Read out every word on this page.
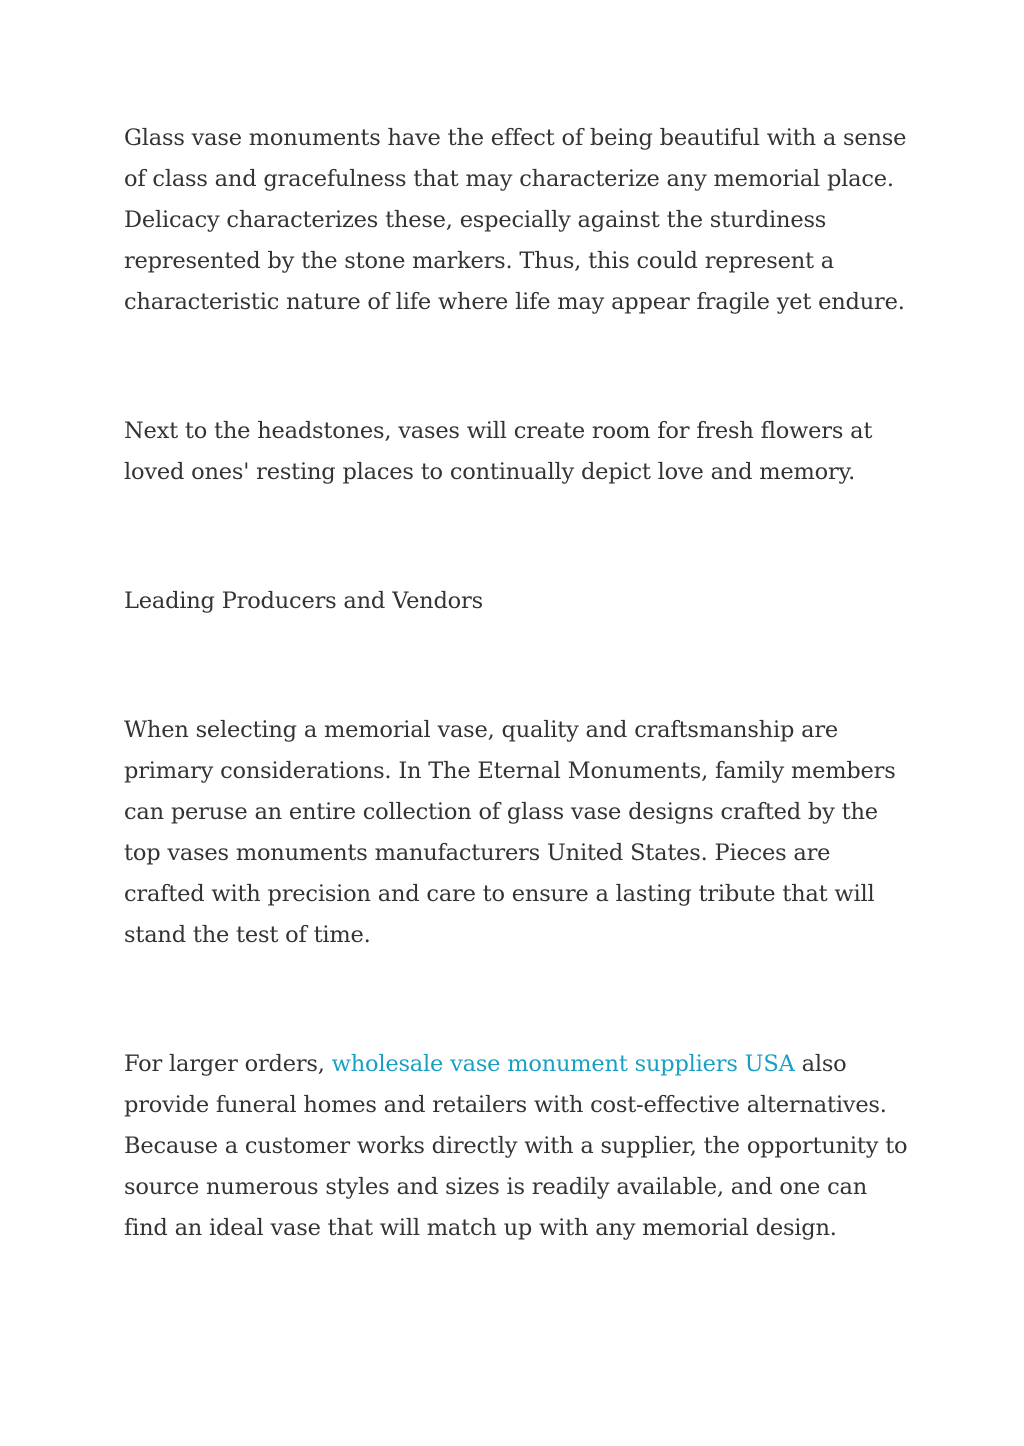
Glass vase monuments have the effect of being beautiful with a sense of class and gracefulness that may characterize any memorial place. Delicacy characterizes these, especially against the sturdiness represented by the stone markers. Thus, this could represent a characteristic nature of life where life may appear fragile yet endure.

Next to the headstones, vases will create room for fresh flowers at loved ones' resting places to continually depict love and memory.

Leading Producers and Vendors

When selecting a memorial vase, quality and craftsmanship are primary considerations. In The Eternal Monuments, family members can peruse an entire collection of glass vase designs crafted by the top vases monuments manufacturers United States. Pieces are crafted with precision and care to ensure a lasting tribute that will stand the test of time.

For larger orders, wholesale vase monument suppliers USA also provide funeral homes and retailers with cost-effective alternatives. Because a customer works directly with a supplier, the opportunity to source numerous styles and sizes is readily available, and one can find an ideal vase that will match up with any memorial design.
